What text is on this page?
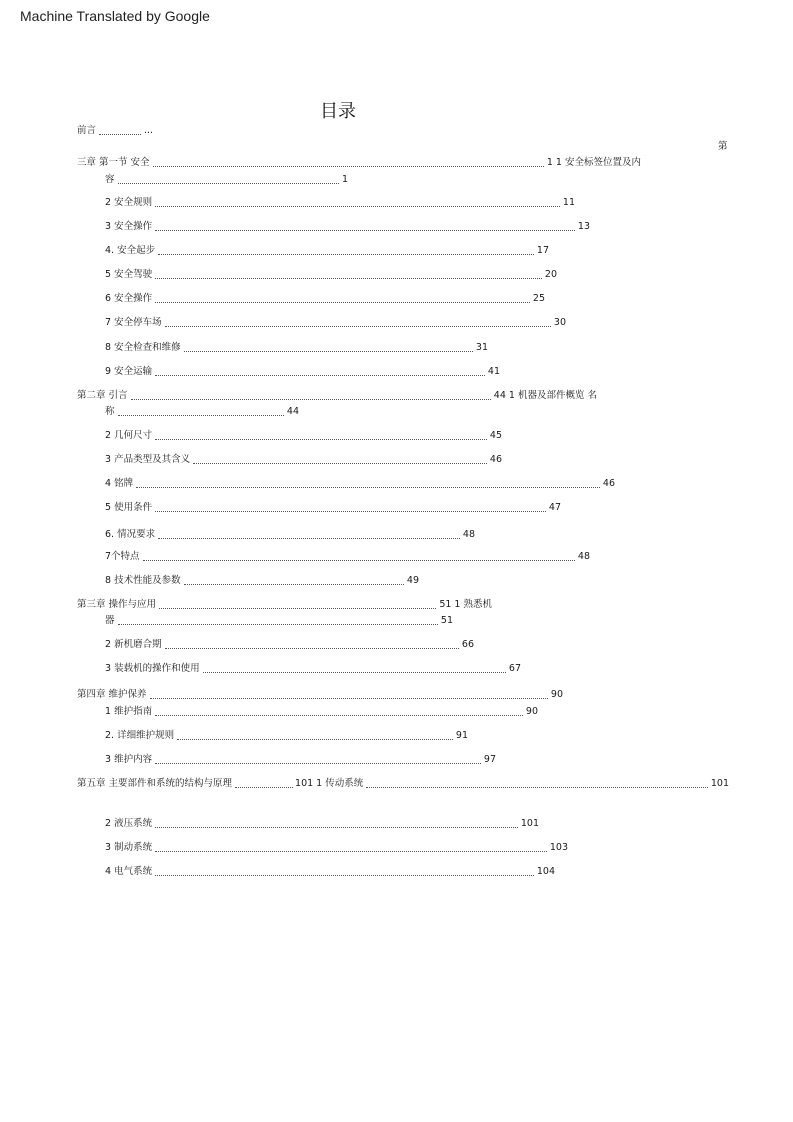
Machine Translated by Google
目录
前言	...
第
三章 第一节 安全	1 1 安全标签位置及内
容	1
2 安全规则	11
3 安全操作	13
4. 安全起步	17
5 安全驾驶	20
6 安全操作	25
7 安全停车场	30
8 安全检查和维修	31
9 安全运输	41
第二章 引言	44 1 机器及部件概览 名
称	44
2 几何尺寸	45
3 产品类型及其含义	46
4 铭牌	46
5 使用条件	47
6. 情况要求	48
7个特点	48
8 技术性能及参数	49
第三章 操作与应用	51 1 熟悉机
器	51
2 新机磨合期	66
3 装载机的操作和使用	67
第四章 维护保养	90
1 维护指南	90
2. 详细维护规则	91
3 维护内容	97
第五章 主要部件和系统的结构与原理	101 1 传动系统	101
2 液压系统	101
3 制动系统	103
4 电气系统	104
